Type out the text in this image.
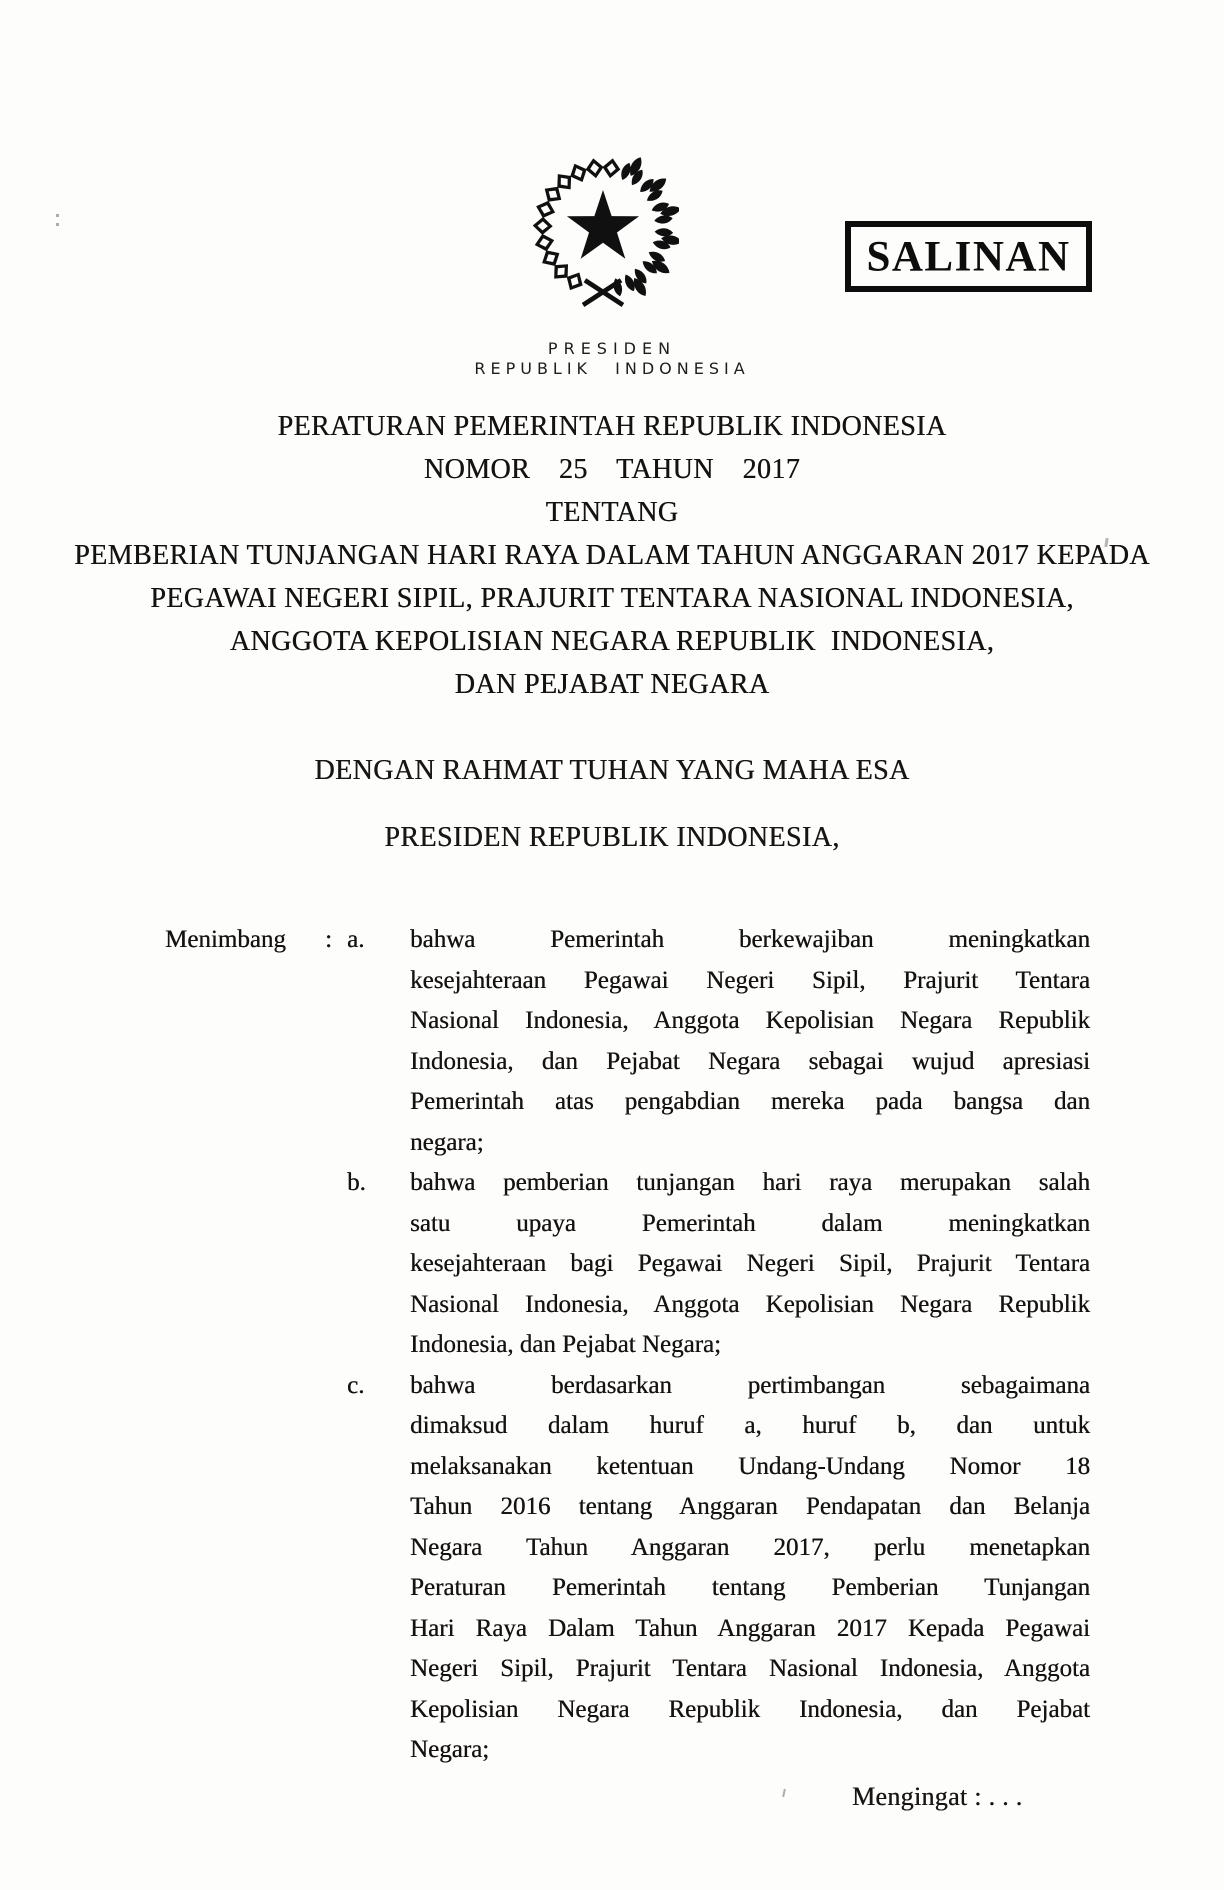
SALINAN
PRESIDEN
REPUBLIK INDONESIA
PERATURAN PEMERINTAH REPUBLIK INDONESIA
NOMOR  25  TAHUN  2017
TENTANG
PEMBERIAN TUNJANGAN HARI RAYA DALAM TAHUN ANGGARAN 2017 KEPADA
PEGAWAI NEGERI SIPIL, PRAJURIT TENTARA NASIONAL INDONESIA,
ANGGOTA KEPOLISIAN NEGARA REPUBLIK  INDONESIA,
DAN PEJABAT NEGARA
DENGAN RAHMAT TUHAN YANG MAHA ESA
PRESIDEN REPUBLIK INDONESIA,
Menimbang	: a.	bahwa Pemerintah berkewajiban meningkatkan
kesejahteraan Pegawai Negeri Sipil, Prajurit Tentara
Nasional Indonesia, Anggota Kepolisian Negara Republik
Indonesia, dan Pejabat Negara sebagai wujud apresiasi
Pemerintah atas pengabdian mereka pada bangsa dan
negara;
b.	bahwa pemberian tunjangan hari raya merupakan salah
satu upaya Pemerintah dalam meningkatkan
kesejahteraan bagi Pegawai Negeri Sipil, Prajurit Tentara
Nasional Indonesia, Anggota Kepolisian Negara Republik
Indonesia, dan Pejabat Negara;
c.	bahwa berdasarkan pertimbangan sebagaimana
dimaksud dalam huruf a, huruf b, dan untuk
melaksanakan ketentuan Undang-Undang Nomor 18
Tahun 2016 tentang Anggaran Pendapatan dan Belanja
Negara Tahun Anggaran 2017, perlu menetapkan
Peraturan Pemerintah tentang Pemberian Tunjangan
Hari Raya Dalam Tahun Anggaran 2017 Kepada Pegawai
Negeri Sipil, Prajurit Tentara Nasional Indonesia, Anggota
Kepolisian Negara Republik Indonesia, dan Pejabat
Negara;
Mengingat : . . .
